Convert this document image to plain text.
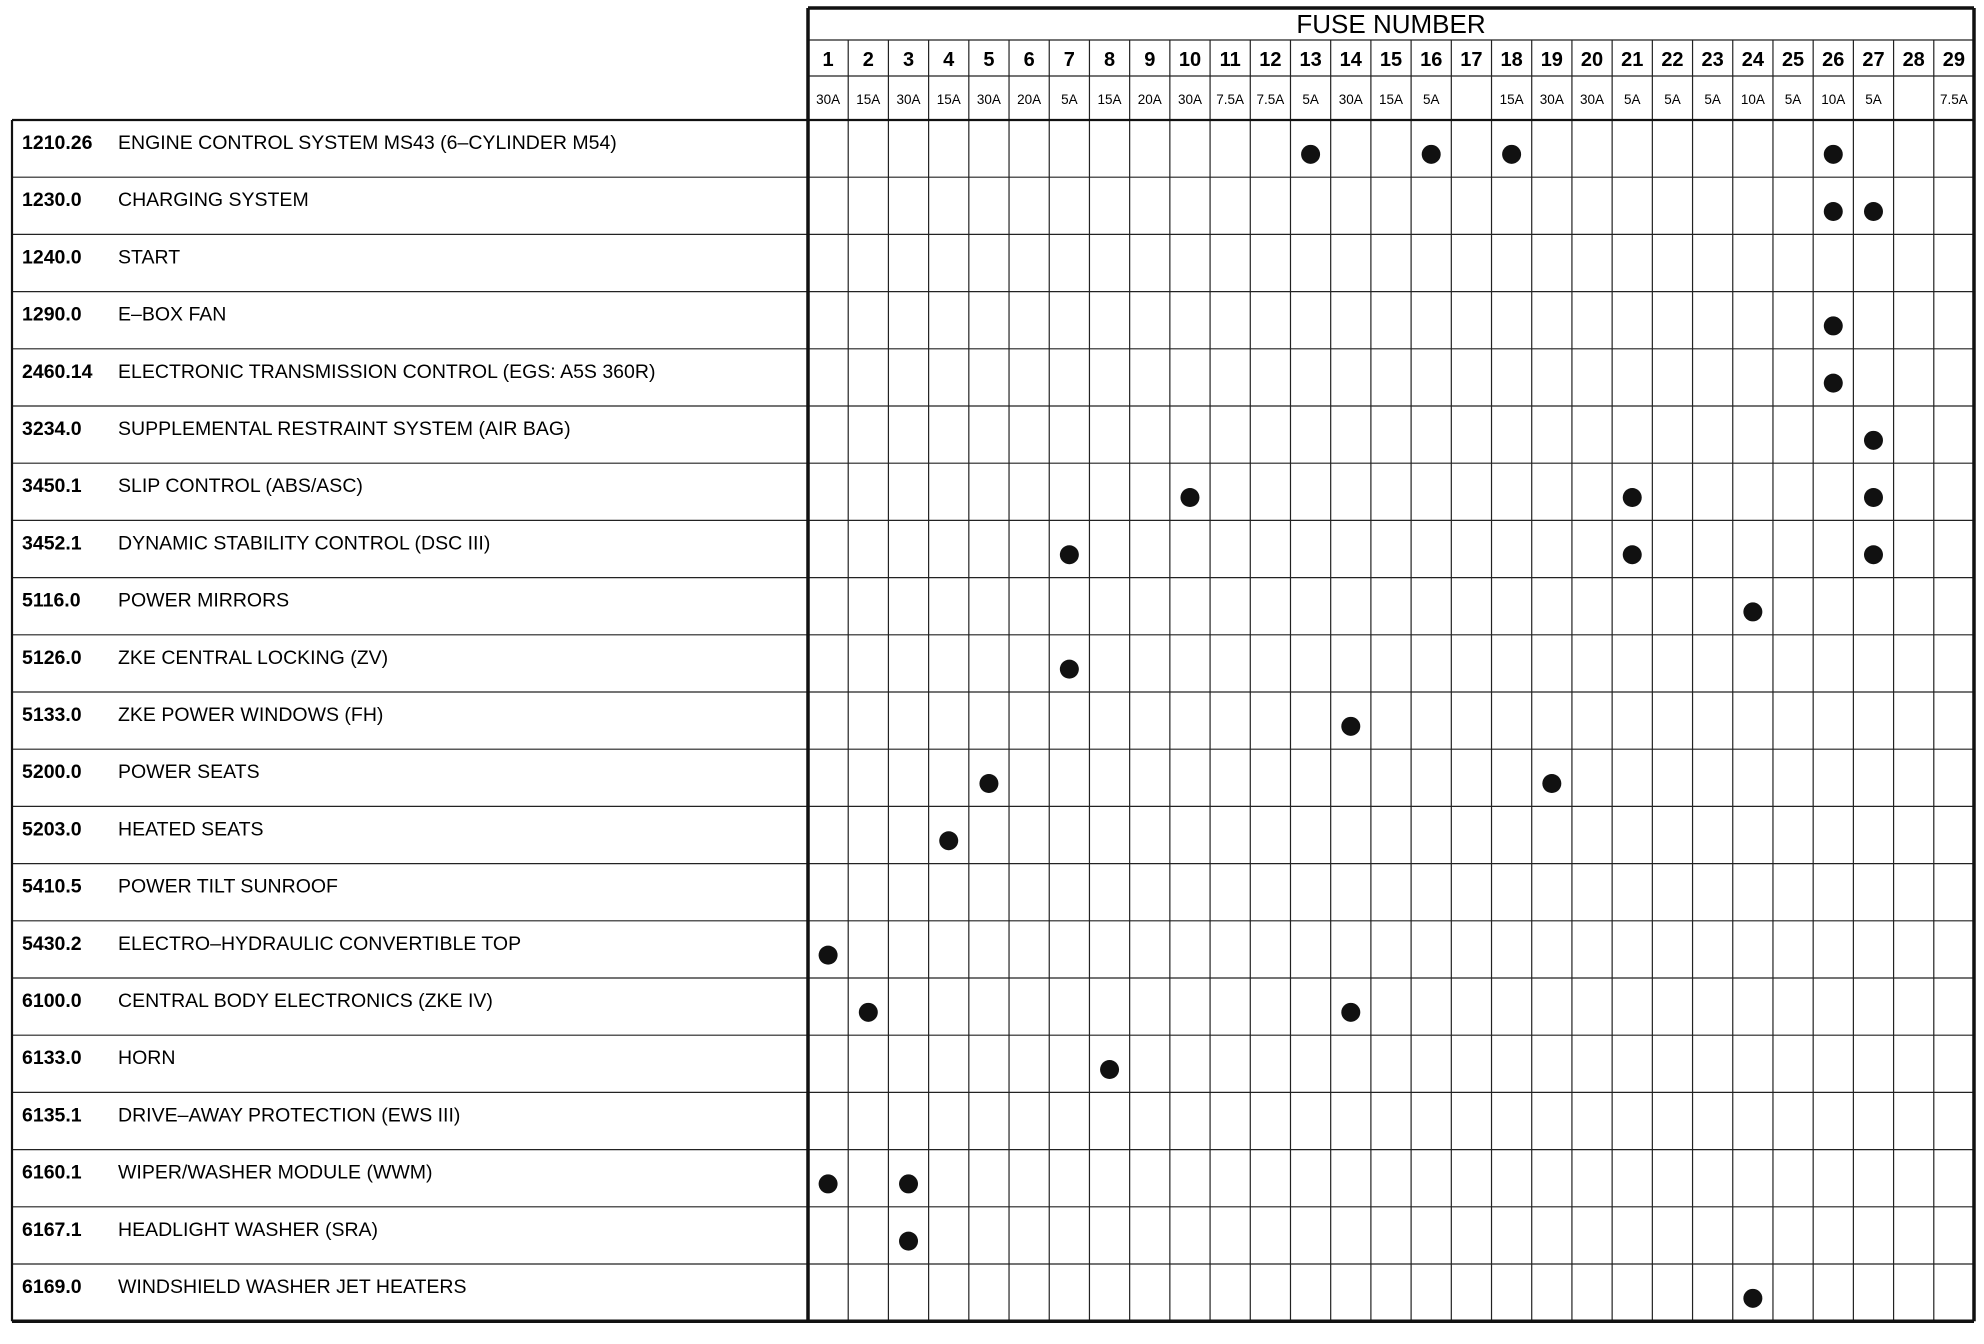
FUSE NUMBER
1
30A
2
15A
3
30A
4
15A
5
30A
6
20A
7
5A
8
15A
9
20A
10
30A
11
7.5A
12
7.5A
13
5A
14
30A
15
15A
16
5A
17 18
15A
19
30A
20
30A
21
5A
22
5A
23
5A
24
10A
25
5A
26
10A
27
5A
28 29
7.5A
1210.26 ENGINE CONTROL SYSTEM MS43 (6–CYLINDER M54)
1230.0 CHARGING SYSTEM
1240.0 START
1290.0 E–BOX FAN
2460.14 ELECTRONIC TRANSMISSION CONTROL (EGS: A5S 360R)
3234.0 SUPPLEMENTAL RESTRAINT SYSTEM (AIR BAG)
3450.1 SLIP CONTROL (ABS/ASC)
3452.1 DYNAMIC STABILITY CONTROL (DSC III)
5116.0 POWER MIRRORS
5126.0 ZKE CENTRAL LOCKING (ZV)
5133.0 ZKE POWER WINDOWS (FH)
5200.0 POWER SEATS
5203.0 HEATED SEATS
5410.5 POWER TILT SUNROOF
5430.2 ELECTRO–HYDRAULIC CONVERTIBLE TOP
6100.0 CENTRAL BODY ELECTRONICS (ZKE IV)
6133.0 HORN
6135.1 DRIVE–AWAY PROTECTION (EWS III)
6160.1 WIPER/WASHER MODULE (WWM)
6167.1 HEADLIGHT WASHER (SRA)
6169.0 WINDSHIELD WASHER JET HEATERS
